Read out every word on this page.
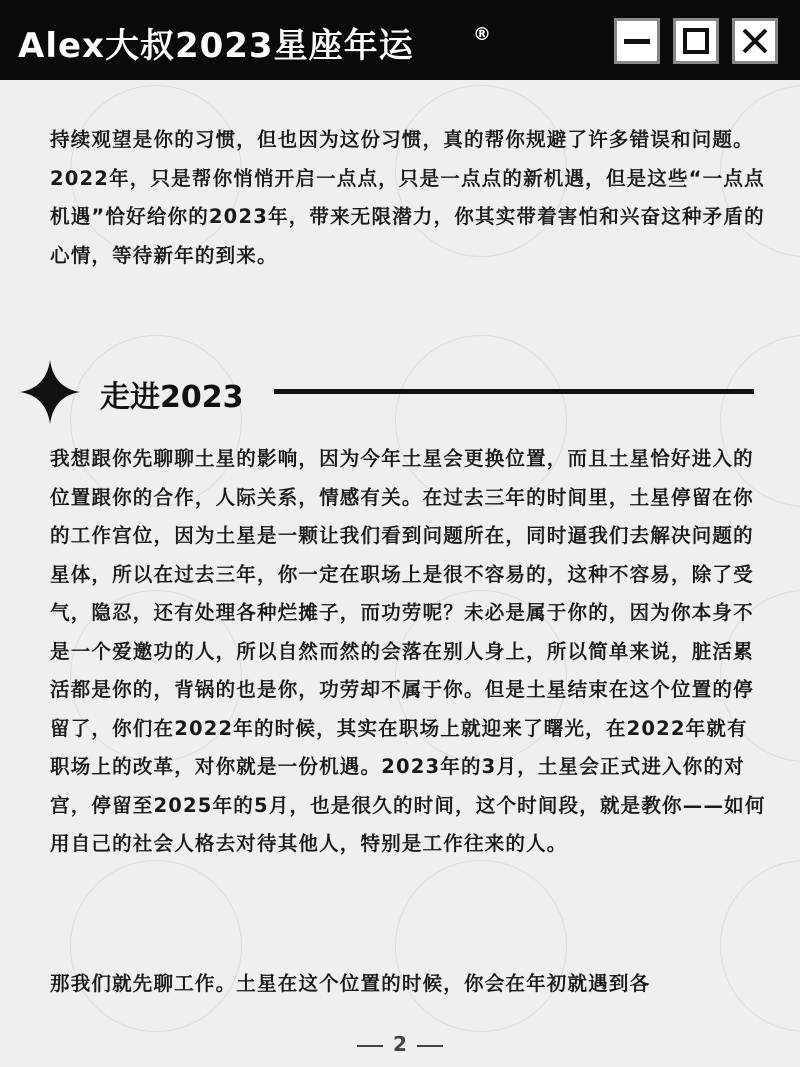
Alex大叔2023星座年运	®
持续观望是你的习惯，但也因为这份习惯，真的帮你规避了许多错误和问题。2022年，只是帮你悄悄开启一点点，只是一点点的新机遇，但是这些“一点点机遇”恰好给你的2023年，带来无限潜力，你其实带着害怕和兴奋这种矛盾的心情，等待新年的到来。
走进2023
我想跟你先聊聊土星的影响，因为今年土星会更换位置，而且土星恰好进入的位置跟你的合作，人际关系，情感有关。在过去三年的时间里，土星停留在你的工作宫位，因为土星是一颗让我们看到问题所在，同时逼我们去解决问题的星体，所以在过去三年，你一定在职场上是很不容易的，这种不容易，除了受气，隐忍，还有处理各种烂摊子，而功劳呢？未必是属于你的，因为你本身不是一个爱邀功的人，所以自然而然的会落在别人身上，所以简单来说，脏活累活都是你的，背锅的也是你，功劳却不属于你。但是土星结束在这个位置的停留了，你们在2022年的时候，其实在职场上就迎来了曙光，在2022年就有职场上的改革，对你就是一份机遇。2023年的3月，土星会正式进入你的对宫，停留至2025年的5月，也是很久的时间，这个时间段，就是教你——如何用自己的社会人格去对待其他人，特别是工作往来的人。
那我们就先聊工作。土星在这个位置的时候，你会在年初就遇到各
2
